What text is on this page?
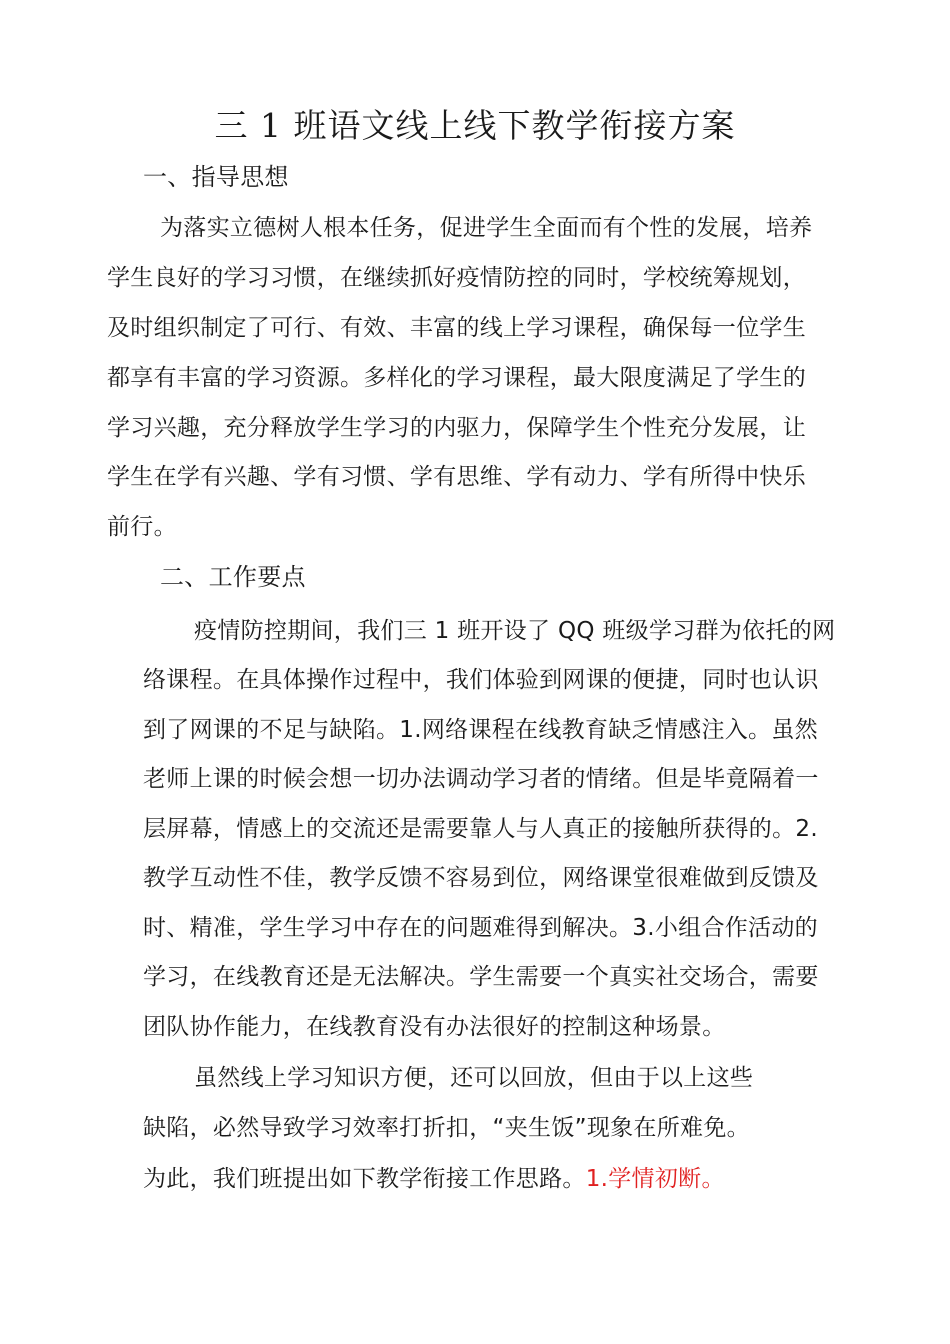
三 1 班语文线上线下教学衔接方案
一、指导思想
为落实立德树人根本任务，促进学生全面而有个性的发展，培养
学生良好的学习习惯，在继续抓好疫情防控的同时，学校统筹规划，
及时组织制定了可行、有效、丰富的线上学习课程，确保每一位学生
都享有丰富的学习资源。多样化的学习课程，最大限度满足了学生的
学习兴趣，充分释放学生学习的内驱力，保障学生个性充分发展，让
学生在学有兴趣、学有习惯、学有思维、学有动力、学有所得中快乐
前行。
二、工作要点
疫情防控期间，我们三 1 班开设了 QQ 班级学习群为依托的网
络课程。在具体操作过程中，我们体验到网课的便捷，同时也认识
到了网课的不足与缺陷。1.网络课程在线教育缺乏情感注入。虽然
老师上课的时候会想一切办法调动学习者的情绪。但是毕竟隔着一
层屏幕，情感上的交流还是需要靠人与人真正的接触所获得的。2.
教学互动性不佳，教学反馈不容易到位，网络课堂很难做到反馈及
时、精准，学生学习中存在的问题难得到解决。3.小组合作活动的
学习，在线教育还是无法解决。学生需要一个真实社交场合，需要
团队协作能力，在线教育没有办法很好的控制这种场景。
虽然线上学习知识方便，还可以回放，但由于以上这些
缺陷，必然导致学习效率打折扣，“夹生饭”现象在所难免。
为此，我们班提出如下教学衔接工作思路。1.学情初断。
